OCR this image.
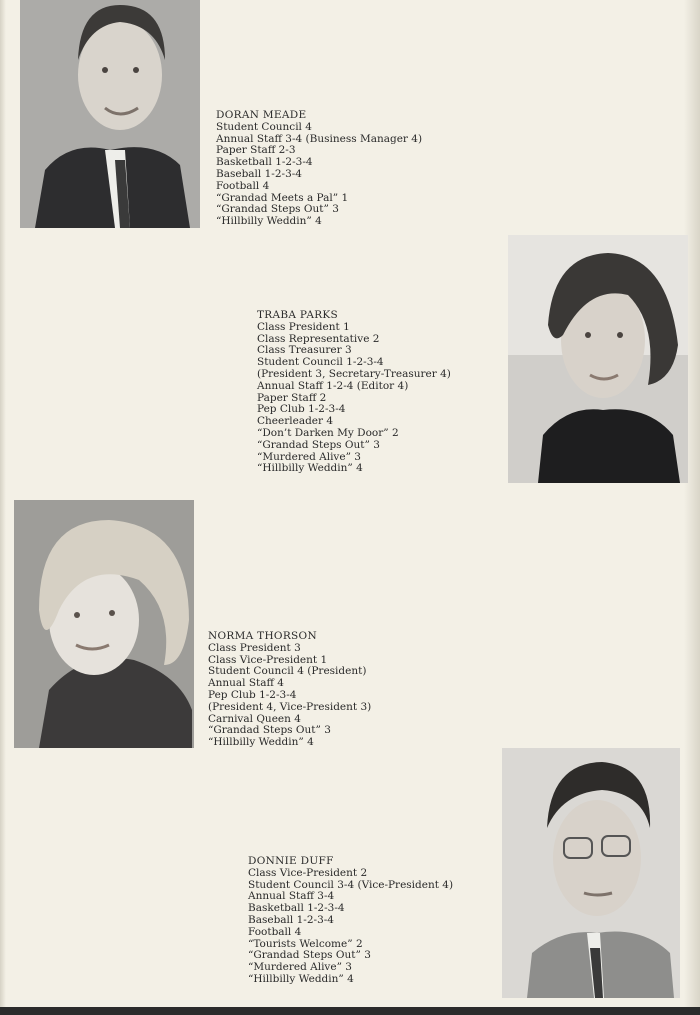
DORAN MEADE
Student Council 4
Annual Staff 3-4 (Business Manager 4)
Paper Staff 2-3
Basketball 1-2-3-4
Baseball 1-2-3-4
Football 4
“Grandad Meets a Pal” 1
“Grandad Steps Out” 3
“Hillbilly Weddin” 4
TRABA PARKS
Class President 1
Class Representative 2
Class Treasurer 3
Student Council 1-2-3-4
(President 3, Secretary-Treasurer 4)
Annual Staff 1-2-4 (Editor 4)
Paper Staff 2
Pep Club 1-2-3-4
Cheerleader 4
“Don’t Darken My Door” 2
“Grandad Steps Out” 3
“Murdered Alive” 3
“Hillbilly Weddin” 4
NORMA THORSON
Class President 3
Class Vice-President 1
Student Council 4 (President)
Annual Staff 4
Pep Club 1-2-3-4
(President 4, Vice-President 3)
Carnival Queen 4
“Grandad Steps Out” 3
“Hillbilly Weddin” 4
DONNIE DUFF
Class Vice-President 2
Student Council 3-4 (Vice-President 4)
Annual Staff 3-4
Basketball 1-2-3-4
Baseball 1-2-3-4
Football 4
“Tourists Welcome” 2
“Grandad Steps Out” 3
“Murdered Alive” 3
“Hillbilly Weddin” 4
